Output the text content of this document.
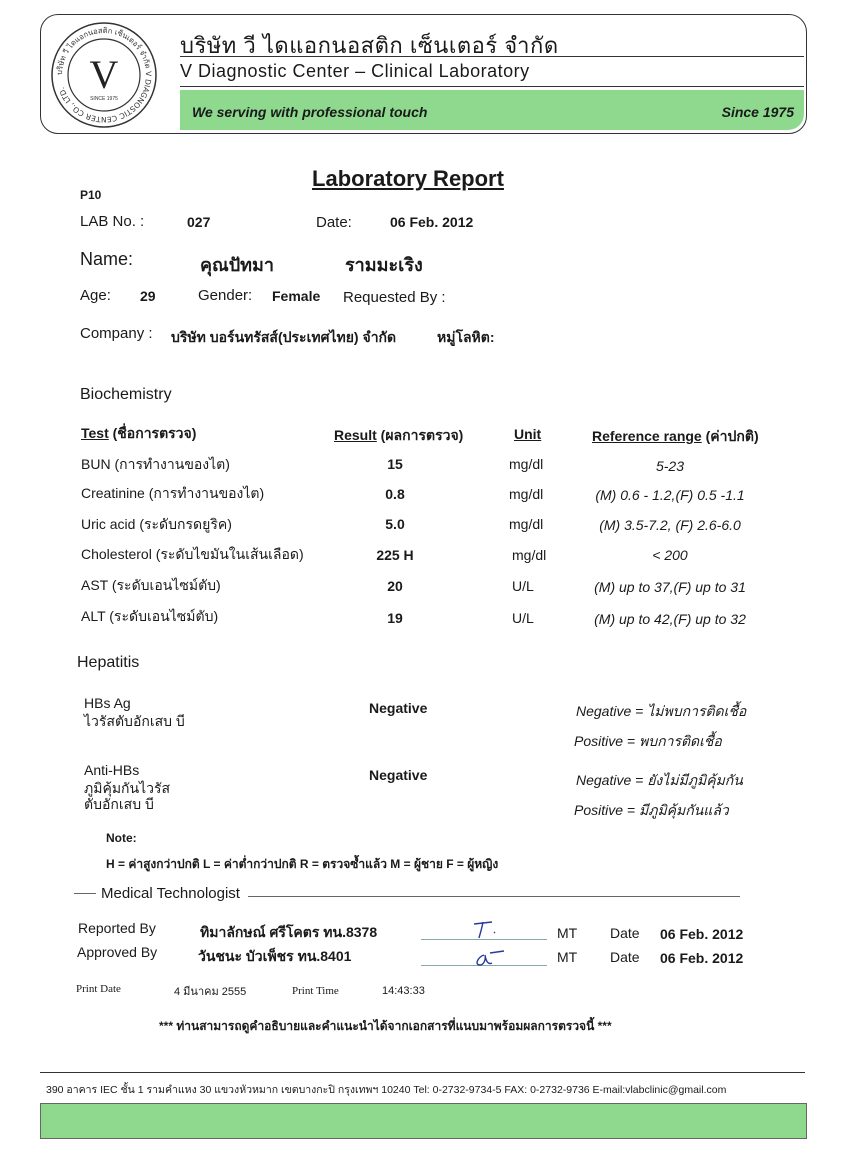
บริษัท วี ไดแอกนอสติก เซ็นเตอร์ จำกัด V DIAGNOSTIC CENTER CO., LTD. V
SINCE 1975
บริษัท วี ไดแอกนอสติก เซ็นเตอร์ จำกัด
V Diagnostic Center – Clinical Laboratory
We serving with professional touch	Since 1975
Laboratory Report
P10
LAB No. :	027	Date:	06 Feb. 2012
Name:	คุณปัทมา	รามมะเริง
Age: 29	Gender: Female Requested By :
Company : บริษัท บอร์นทรัสส์(ประเทศไทย) จำกัด	หมู่โลหิต:
Biochemistry
Test (ชื่อการตรวจ)	Result (ผลการตรวจ)	Unit	Reference range (ค่าปกติ)
BUN (การทำงานของไต)	15	mg/dl	5-23
Creatinine (การทำงานของไต)	0.8	mg/dl	(M) 0.6 - 1.2,(F) 0.5 -1.1
Uric acid (ระดับกรดยูริค)	5.0	mg/dl	(M) 3.5-7.2, (F) 2.6-6.0
Cholesterol (ระดับไขมันในเส้นเลือด)	225 H	mg/dl	< 200
AST (ระดับเอนไซม์ตับ)	20	U/L	(M) up to 37,(F) up to 31
ALT (ระดับเอนไซม์ตับ)	19	U/L	(M) up to 42,(F) up to 32
Hepatitis
HBs Ag
ไวรัสตับอักเสบ บี
Negative	Negative = ไม่พบการติดเชื้อ
Positive = พบการติดเชื้อ
Anti-HBs
ภูมิคุ้มกันไวรัส
ตับอักเสบ บี
Negative	Negative = ยังไม่มีภูมิคุ้มกัน
Positive = มีภูมิคุ้มกันแล้ว
Note:
H = ค่าสูงกว่าปกติ L = ค่าต่ำกว่าปกติ R = ตรวจซ้ำแล้ว M = ผู้ชาย F = ผู้หญิง
Medical Technologist
Reported By	ทิมาลักษณ์ ศรีโคตร ทน.8378	MT Date 06 Feb. 2012
Approved By	วันชนะ บัวเพ็ชร ทน.8401	MT Date 06 Feb. 2012
Print Date	4 มีนาคม 2555	Print Time	14:43:33
*** ท่านสามารถดูคำอธิบายและคำแนะนำได้จากเอกสารที่แนบมาพร้อมผลการตรวจนี้ ***
390 อาคาร IEC ชั้น 1 รามคำแหง 30 แขวงหัวหมาก เขตบางกะปิ กรุงเทพฯ 10240 Tel: 0-2732-9734-5 FAX: 0-2732-9736 E-mail:vlabclinic@gmail.com
